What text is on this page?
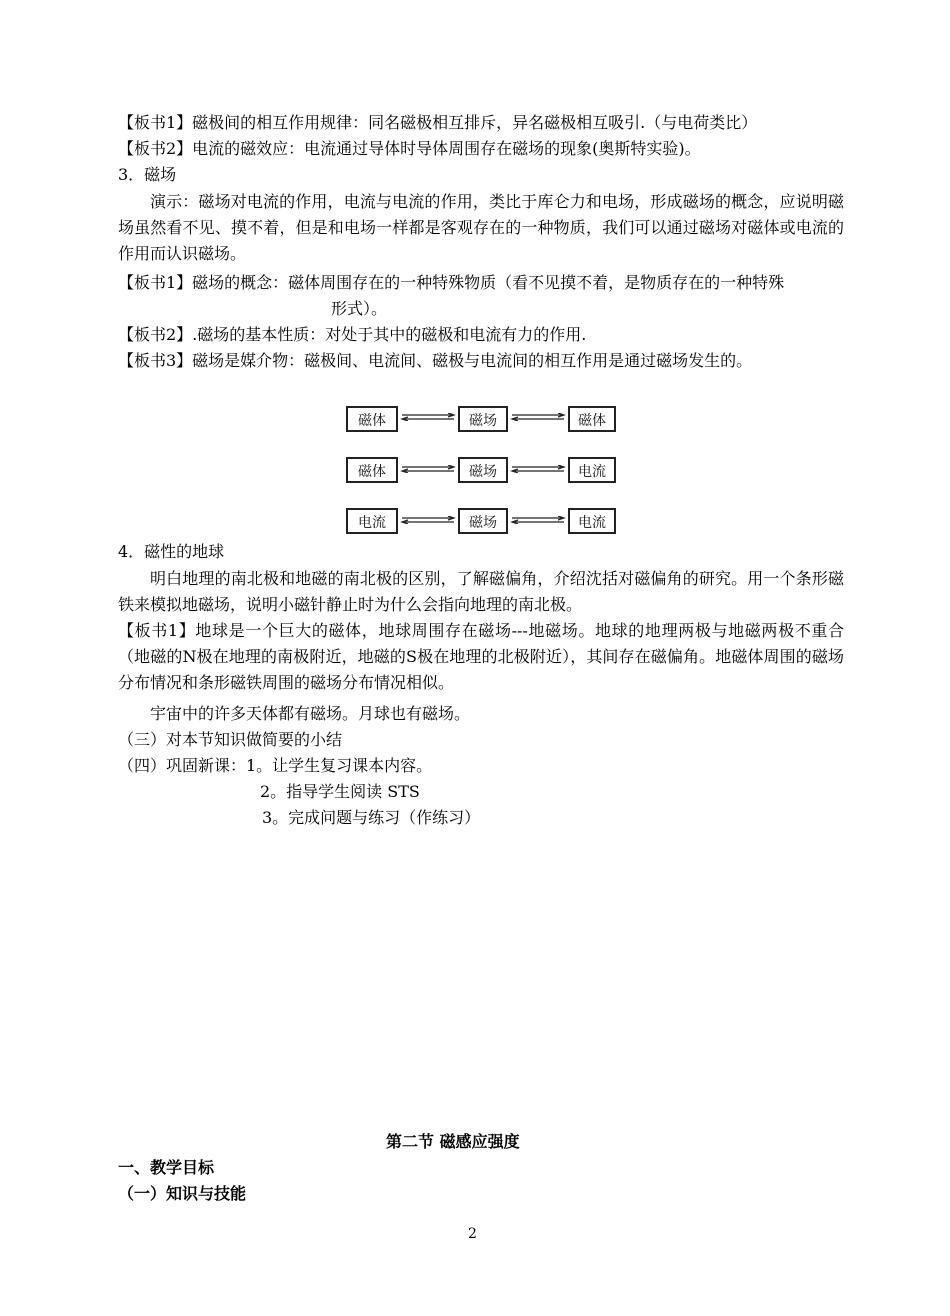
【板书1】磁极间的相互作用规律：同名磁极相互排斥，异名磁极相互吸引.（与电荷类比）
【板书2】电流的磁效应：电流通过导体时导体周围存在磁场的现象(奥斯特实验)。
3．磁场
演示：磁场对电流的作用，电流与电流的作用，类比于库仑力和电场，形成磁场的概念，应说明磁场虽然看不见、摸不着，但是和电场一样都是客观存在的一种物质，我们可以通过磁场对磁体或电流的作用而认识磁场。
【板书1】磁场的概念：磁体周围存在的一种特殊物质（看不见摸不着，是物质存在的一种特殊
形式）。
【板书2】.磁场的基本性质：对处于其中的磁极和电流有力的作用.
【板书3】磁场是媒介物：磁极间、电流间、磁极与电流间的相互作用是通过磁场发生的。
磁体	磁场	磁体
磁体	磁场	电流
电流	磁场	电流
4．磁性的地球
明白地理的南北极和地磁的南北极的区别，了解磁偏角，介绍沈括对磁偏角的研究。用一个条形磁铁来模拟地磁场，说明小磁针静止时为什么会指向地理的南北极。
【板书1】地球是一个巨大的磁体，地球周围存在磁场---地磁场。地球的地理两极与地磁两极不重合（地磁的N极在地理的南极附近，地磁的S极在地理的北极附近），其间存在磁偏角。地磁体周围的磁场分布情况和条形磁铁周围的磁场分布情况相似。
宇宙中的许多天体都有磁场。月球也有磁场。
（三）对本节知识做简要的小结
（四）巩固新课：1。让学生复习课本内容。
2。指导学生阅读 STS
3。完成问题与练习（作练习）
第二节 磁感应强度
一、教学目标
（一）知识与技能
2
